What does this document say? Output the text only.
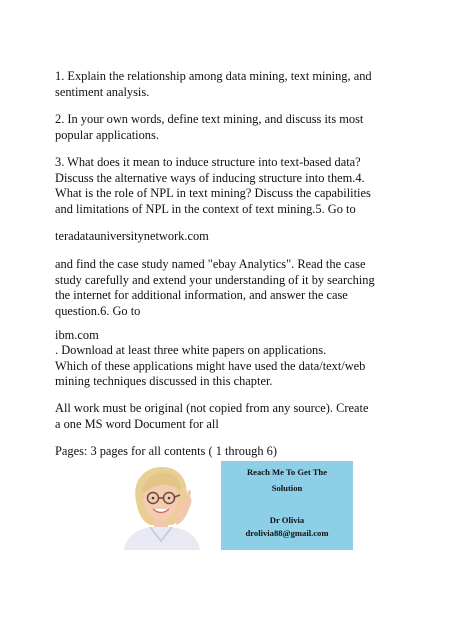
1. Explain the relationship among data mining, text mining, and
sentiment analysis.
2. In your own words, define text mining, and discuss its most
popular applications.
3. What does it mean to induce structure into text-based data?
Discuss the alternative ways of inducing structure into them.4.
What is the role of NPL in text mining? Discuss the capabilities
and limitations of NPL in the context of text mining.5. Go to
teradatauniversitynetwork.com
and find the case study named "ebay Analytics". Read the case
study carefully and extend your understanding of it by searching
the internet for additional information, and answer the case
question.6. Go to
ibm.com
. Download at least three white papers on applications.
Which of these applications might have used the data/text/web
mining techniques discussed in this chapter.
All work must be original (not copied from any source). Create
a one MS word Document for all
Pages: 3 pages for all contents ( 1 through 6)
Reach Me To Get The
Solution
Dr Olivia
drolivia88@gmail.com
